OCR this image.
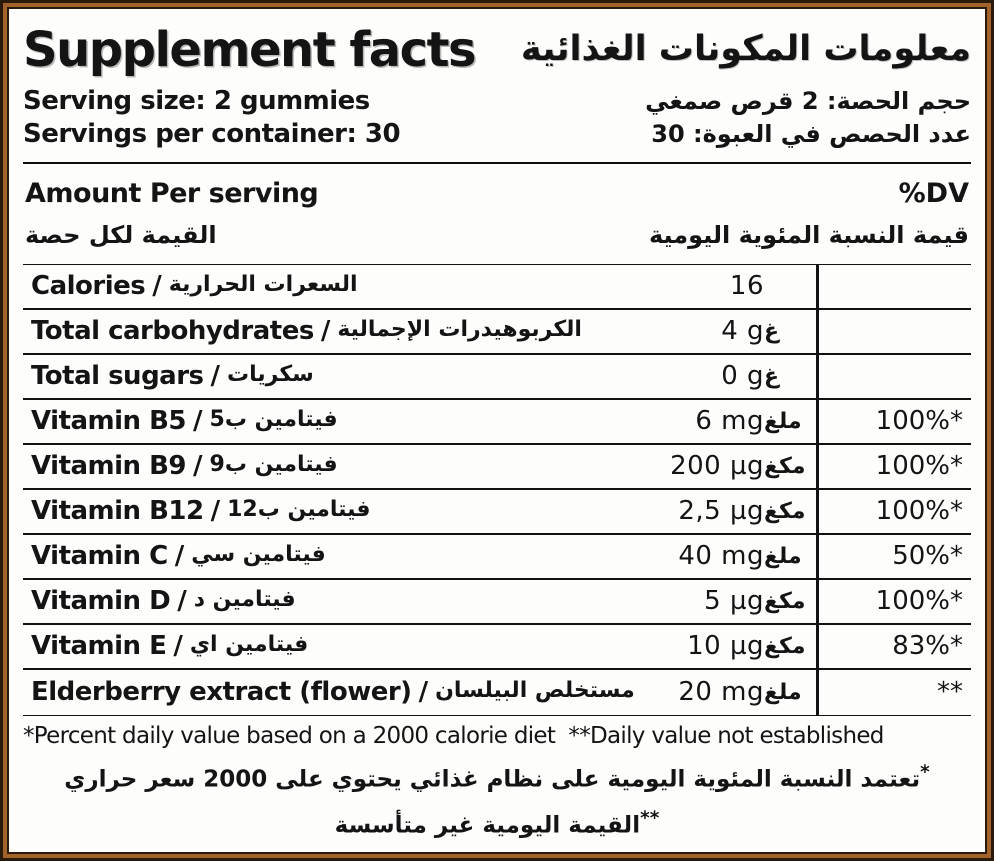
Supplement facts معلومات المكونات الغذائية
Serving size: 2 gummies
Servings per container: 30
حجم الحصة: 2 قرص صمغي
عدد الحصص في العبوة: 30
Amount Per serving	%DV
القيمة لكل حصة	قيمة النسبة المئوية اليومية
Calories / السعرات الحرارية	16
Total carbohydrates / الكربوهيدرات الإجمالية	4 g غ
Total sugars / سكريات	0 g غ
Vitamin B5 / فيتامين ب5	6 mg ملغ	100%*
Vitamin B9 / فيتامين ب9	200 µg مكغ	100%*
Vitamin B12 / فيتامين ب12	2,5 µg مكغ	100%*
Vitamin C / فيتامين سي	40 mg ملغ	50%*
Vitamin D / فيتامين د	5 µg مكغ	100%*
Vitamin E / فيتامين اي	10 µg مكغ	83%*
Elderberry extract (flower) / مستخلص البيلسان	20 mg ملغ	**
*Percent daily value based on a 2000 calorie diet  **Daily value not established
*تعتمد النسبة المئوية اليومية على نظام غذائي يحتوي على 2000 سعر حراري **القيمة اليومية غير متأسسة
